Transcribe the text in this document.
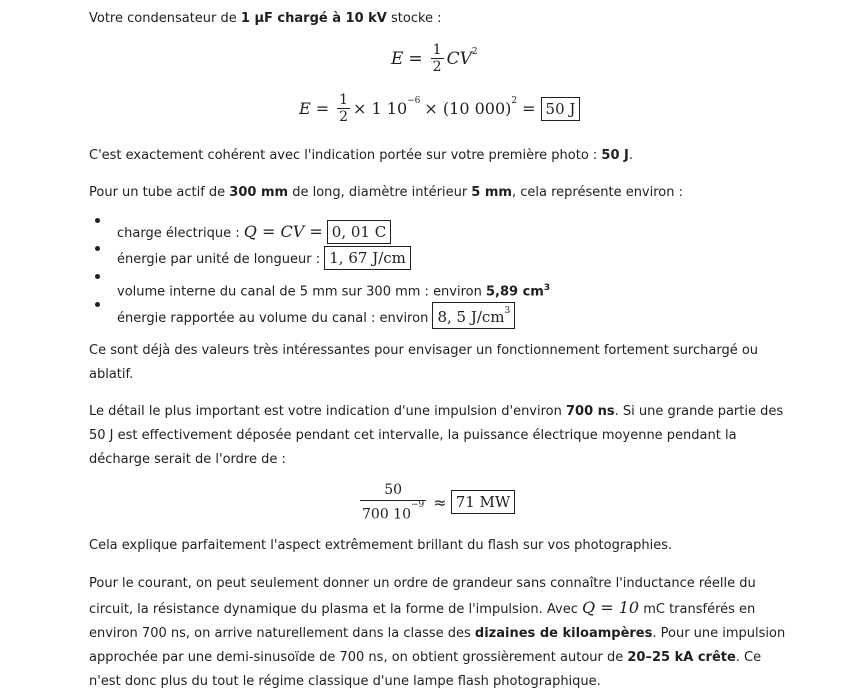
Votre condensateur de 1 µF chargé à 10 kV stocke :

$E = \frac{1}{2} CV^2$
$E = \frac{1}{2} \times 1$ $10^{-6} \times (10$ 000)$^2$ = 50 J

C'est exactement cohérent avec l'indication portée sur votre première photo : 50 J.

Pour un tube actif de 300 mm de long, diamètre intérieur 5 mm, cela représente environ :

charge électrique : Q = CV = 0, 01 C
énergie par unité de longueur : 1, 67 J/cm
volume interne du canal de 5 mm sur 300 mm : environ 5,89 $cm^3$
énergie rapportée au volume du canal : environ 8, 5 $J/cm^3$

Ce sont déjà des valeurs très intéressantes pour envisager un fonctionnement fortement surchargé ou ablatif.

Le détail le plus important est votre indication d'une impulsion d'environ 700 ns. Si une grande partie des 50 J est effectivement déposée pendant cet intervalle, la puissance électrique moyenne pendant la décharge serait de l'ordre de :

$\frac{50}{700 10^{-9}} \approx 71$ MW

Cela explique parfaitement l'aspect extrêmement brillant du flash sur vos photographies.

Pour le courant, on peut seulement donner un ordre de grandeur sans connaître l'inductance réelle du circuit, la résistance dynamique du plasma et la forme de l'impulsion. Avec Q = 10 mC transférés en environ 700 ns, on arrive naturellement dans la classe des dizaines de kiloampères. Pour une impulsion approchée par une demi-sinusoïde de 700 ns, on obtient grossièrement autour de 20–25 kA crête. Ce n'est donc plus du tout le régime classique d'une lampe flash photographique.
